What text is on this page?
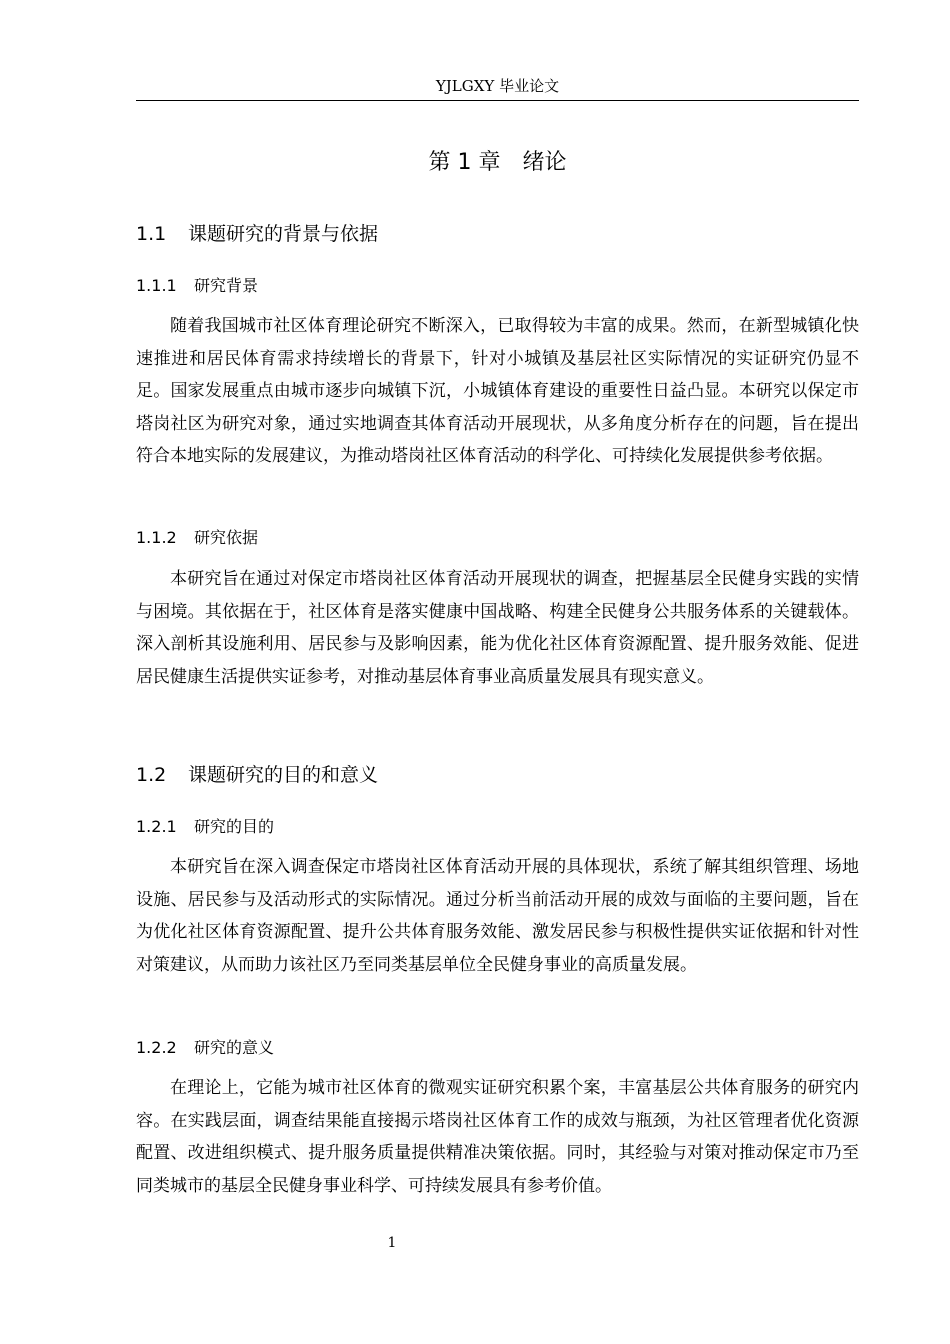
YJLGXY 毕业论文
第 1 章　绪论
1.1 课题研究的背景与依据
1.1.1 研究背景

随着我国城市社区体育理论研究不断深入，已取得较为丰富的成果。然而，在新型城镇化快速推进和居民体育需求持续增长的背景下，针对小城镇及基层社区实际情况的实证研究仍显不足。国家发展重点由城市逐步向城镇下沉，小城镇体育建设的重要性日益凸显。本研究以保定市塔岗社区为研究对象，通过实地调查其体育活动开展现状，从多角度分析存在的问题，旨在提出符合本地实际的发展建议，为推动塔岗社区体育活动的科学化、可持续化发展提供参考依据。

1.1.2 研究依据

本研究旨在通过对保定市塔岗社区体育活动开展现状的调查，把握基层全民健身实践的实情与困境。其依据在于，社区体育是落实健康中国战略、构建全民健身公共服务体系的关键载体。深入剖析其设施利用、居民参与及影响因素，能为优化社区体育资源配置、提升服务效能、促进居民健康生活提供实证参考，对推动基层体育事业高质量发展具有现实意义。

1.2 课题研究的目的和意义
1.2.1 研究的目的

本研究旨在深入调查保定市塔岗社区体育活动开展的具体现状，系统了解其组织管理、场地设施、居民参与及活动形式的实际情况。通过分析当前活动开展的成效与面临的主要问题，旨在为优化社区体育资源配置、提升公共体育服务效能、激发居民参与积极性提供实证依据和针对性对策建议，从而助力该社区乃至同类基层单位全民健身事业的高质量发展。

1.2.2 研究的意义

在理论上，它能为城市社区体育的微观实证研究积累个案，丰富基层公共体育服务的研究内容。在实践层面，调查结果能直接揭示塔岗社区体育工作的成效与瓶颈，为社区管理者优化资源配置、改进组织模式、提升服务质量提供精准决策依据。同时，其经验与对策对推动保定市乃至同类城市的基层全民健身事业科学、可持续发展具有参考价值。

1
